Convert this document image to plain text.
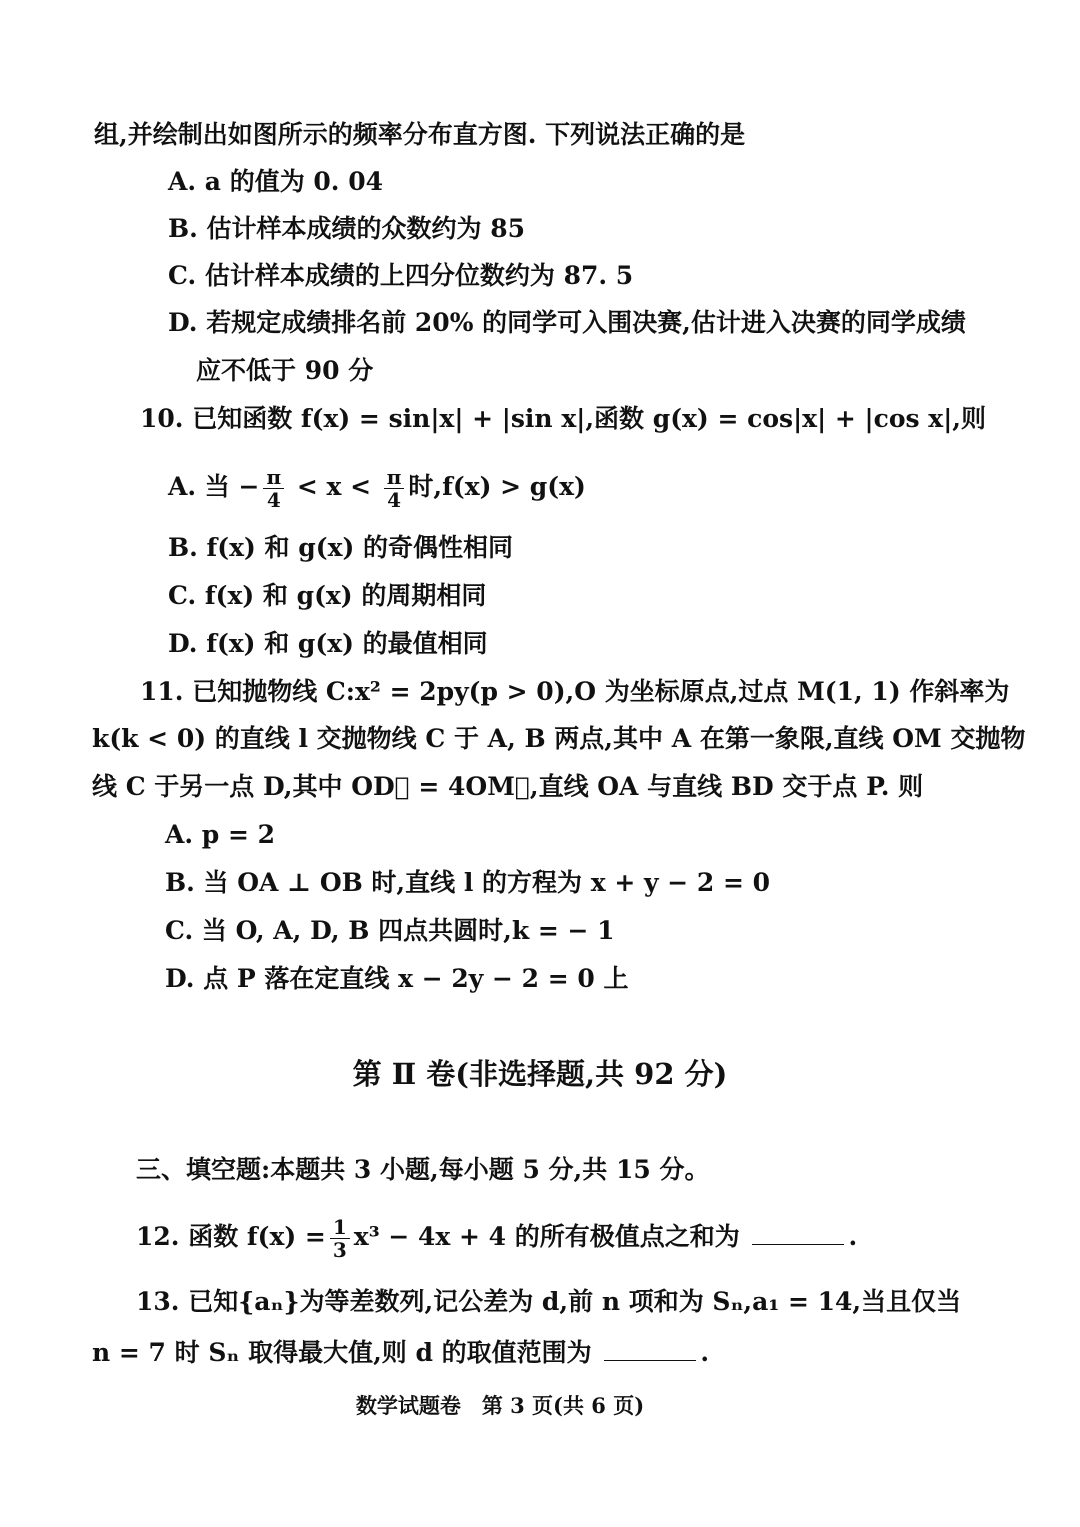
组,并绘制出如图所示的频率分布直方图. 下列说法正确的是
A. a 的值为 0. 04
B. 估计样本成绩的众数约为 85
C. 估计样本成绩的上四分位数约为 87. 5
D. 若规定成绩排名前 20% 的同学可入围决赛,估计进入决赛的同学成绩
应不低于 90 分
10. 已知函数 f(x) = sin|x| + |sin x|,函数 g(x) = cos|x| + |cos x|,则
A. 当 − $\frac{\pi}{4} < x < \frac{\pi}{4}$ 时,f(x) > g(x)
B. f(x) 和 g(x) 的奇偶性相同
C. f(x) 和 g(x) 的周期相同
D. f(x) 和 g(x) 的最值相同
11. 已知抛物线 C:x² = 2py(p > 0),O 为坐标原点,过点 M(1, 1) 作斜率为
k(k < 0) 的直线 l 交抛物线 C 于 A, B 两点,其中 A 在第一象限,直线 OM 交抛物
线 C 于另一点 D,其中 OD⃗ = 4OM⃗,直线 OA 与直线 BD 交于点 P. 则
A. p = 2
B. 当 OA ⊥ OB 时,直线 l 的方程为 x + y − 2 = 0
C. 当 O, A, D, B 四点共圆时,k = − 1
D. 点 P 落在定直线 x − 2y − 2 = 0 上
第 Ⅱ 卷(非选择题,共 92 分)
三、填空题:本题共 3 小题,每小题 5 分,共 15 分。
12. 函数 $f(x) = \frac{1}{3} x^3 - 4x + 4$ 的所有极值点之和为	.
13. 已知{aₙ}为等差数列,记公差为 d,前 n 项和为 Sₙ,a₁ = 14,当且仅当
n = 7 时 Sₙ 取得最大值,则 d 的取值范围为	.
数学试题卷　第 3 页(共 6 页)
